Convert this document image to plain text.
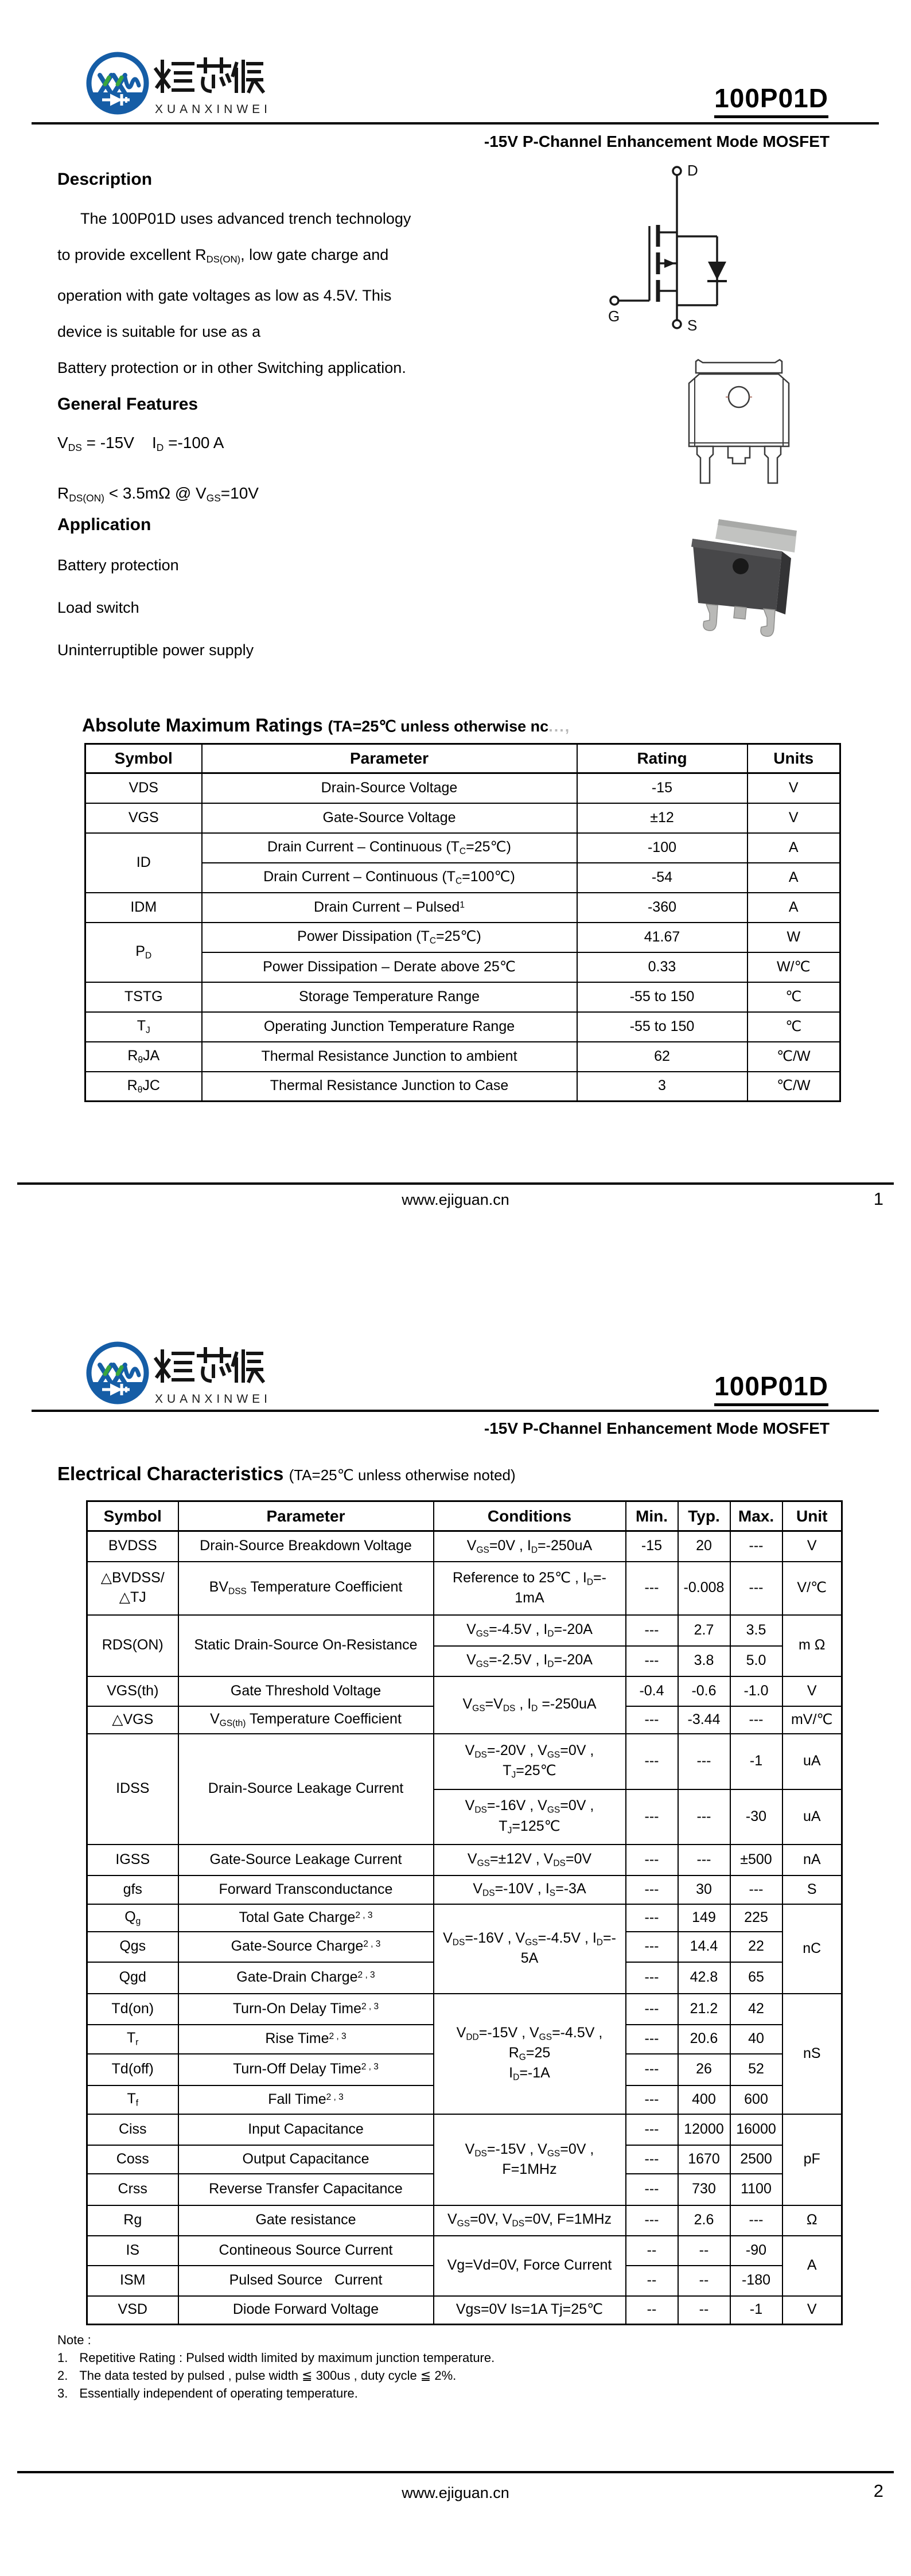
XUANXINWEI	100P01D
-15V P-Channel Enhancement Mode MOSFET
Description
The 100P01D uses advanced trench technology
to provide excellent $R_{DS(ON)}$, low gate charge and
operation with gate voltages as low as 4.5V. This
device is suitable for use as a
Battery protection or in other Switching application.
General Features
$V_{DS} = -15V$    $I_D =-100$ A
$R_{DS(ON)} < 3.5m\Omega$ @ $V_{GS}=10V$
Application
Battery protection
Load switch
Uninterruptible power supply
D
G
S
Absolute Maximum Ratings (TA=25℃ unless otherwise nc...,
Symbol	Parameter	Rating	Units
VDS	Drain-Source Voltage	-15	V
VGS	Gate-Source Voltage	±12	V
ID	Drain Current – Continuous $(T_C=25℃)$	-100	A
	Drain Current – Continuous $(T_C=100℃)$	-54	A
IDM	Drain Current – Pulsed$^1$	-360	A
$P_D$	Power Dissipation $(T_C=25℃)$	41.67	W
	Power Dissipation – Derate above 25℃	0.33	W/℃
TSTG	Storage Temperature Range	-55 to 150	℃
$T_J$	Operating Junction Temperature Range	-55 to 150	℃
$R_\theta JA$	Thermal Resistance Junction to ambient	62	℃/W
$R_\theta JC$	Thermal Resistance Junction to Case	3	℃/W
www.ejiguan.cn	1
XUANXINWEI	100P01D
-15V P-Channel Enhancement Mode MOSFET
Electrical Characteristics (TA=25℃ unless otherwise noted)
Symbol	Parameter	Conditions	Min.	Typ.	Max.	Unit
BVDSS	Drain-Source Breakdown Voltage	$V_{GS}=0V$ , $I_D=-250uA$	-15	20	---	V
△BVDSS/
△TJ	$BV_{DSS}$ Temperature Coefficient	Reference to 25℃ , $I_D=-$
1mA	---	-0.008	---	V/℃
RDS(ON)	Static Drain-Source On-Resistance	$V_{GS}=-4.5V$ , $I_D=-20A$	---	2.7	3.5	m Ω
		$V_{GS}=-2.5V$ , $I_D=-20A$	---	3.8	5.0	
VGS(th)	Gate Threshold Voltage	$V_{GS}=V_{DS}$ , $I_D =-250uA$	-0.4	-0.6	-1.0	V
△VGS	$V_{GS(th)}$ Temperature Coefficient		---	-3.44	---	mV/℃
IDSS	Drain-Source Leakage Current	$V_{DS}=-20V$ , $V_{GS}=0V$ ,
$T_J=25℃$	---	---	-1	uA
		$V_{DS}=-16V$ , $V_{GS}=0V$ ,
$T_J=125℃$	---	---	-30	uA
IGSS	Gate-Source Leakage Current	$V_{GS}=\pm 12V$ , $V_{DS}=0V$	---	---	±500	nA
gfs	Forward Transconductance	$V_{DS}=-10V$ , $I_S=-3A$	---	30	---	S
$Q_g$	Total Gate Charge$^{2 , 3}$	$V_{DS}=-16V$ , $V_{GS}=-4.5V$ , $I_D=-$
5A	---	149	225	nC
Qgs	Gate-Source Charge$^{2 , 3}$		---	14.4	22	
Qgd	Gate-Drain Charge$^{2 , 3}$		---	42.8	65	
Td(on)	Turn-On Delay Time$^{2 , 3}$	$V_{DD}=-15V$ , $V_{GS}=-4.5V$ ,
$R_G=25$
$I_D=-1A$	---	21.2	42	nS
$T_r$	Rise Time$^{2 , 3}$		---	20.6	40	
Td(off)	Turn-Off Delay Time$^{2 , 3}$		---	26	52	
$T_f$	Fall Time$^{2 , 3}$		---	400	600	
Ciss	Input Capacitance	$V_{DS}=-15V$ , $V_{GS}=0V$ ,
F=1MHz	---	12000	16000	pF
Coss	Output Capacitance		---	1670	2500	
Crss	Reverse Transfer Capacitance		---	730	1100	
Rg	Gate resistance	$V_{GS}=0V$, $V_{DS}=0V$, F=1MHz	---	2.6	---	Ω
IS	Contineous Source Current	Vg=Vd=0V, Force Current	--	--	-90	A
ISM	Pulsed Source   Current		--	--	-180	
VSD	Diode Forward Voltage	Vgs=0V Is=1A Tj=25℃	--	--	-1	V
Note :
1. Repetitive Rating : Pulsed width limited by maximum junction temperature.
2. The data tested by pulsed , pulse width ≦ 300us , duty cycle ≦ 2%.
3. Essentially independent of operating temperature.
www.ejiguan.cn	2
